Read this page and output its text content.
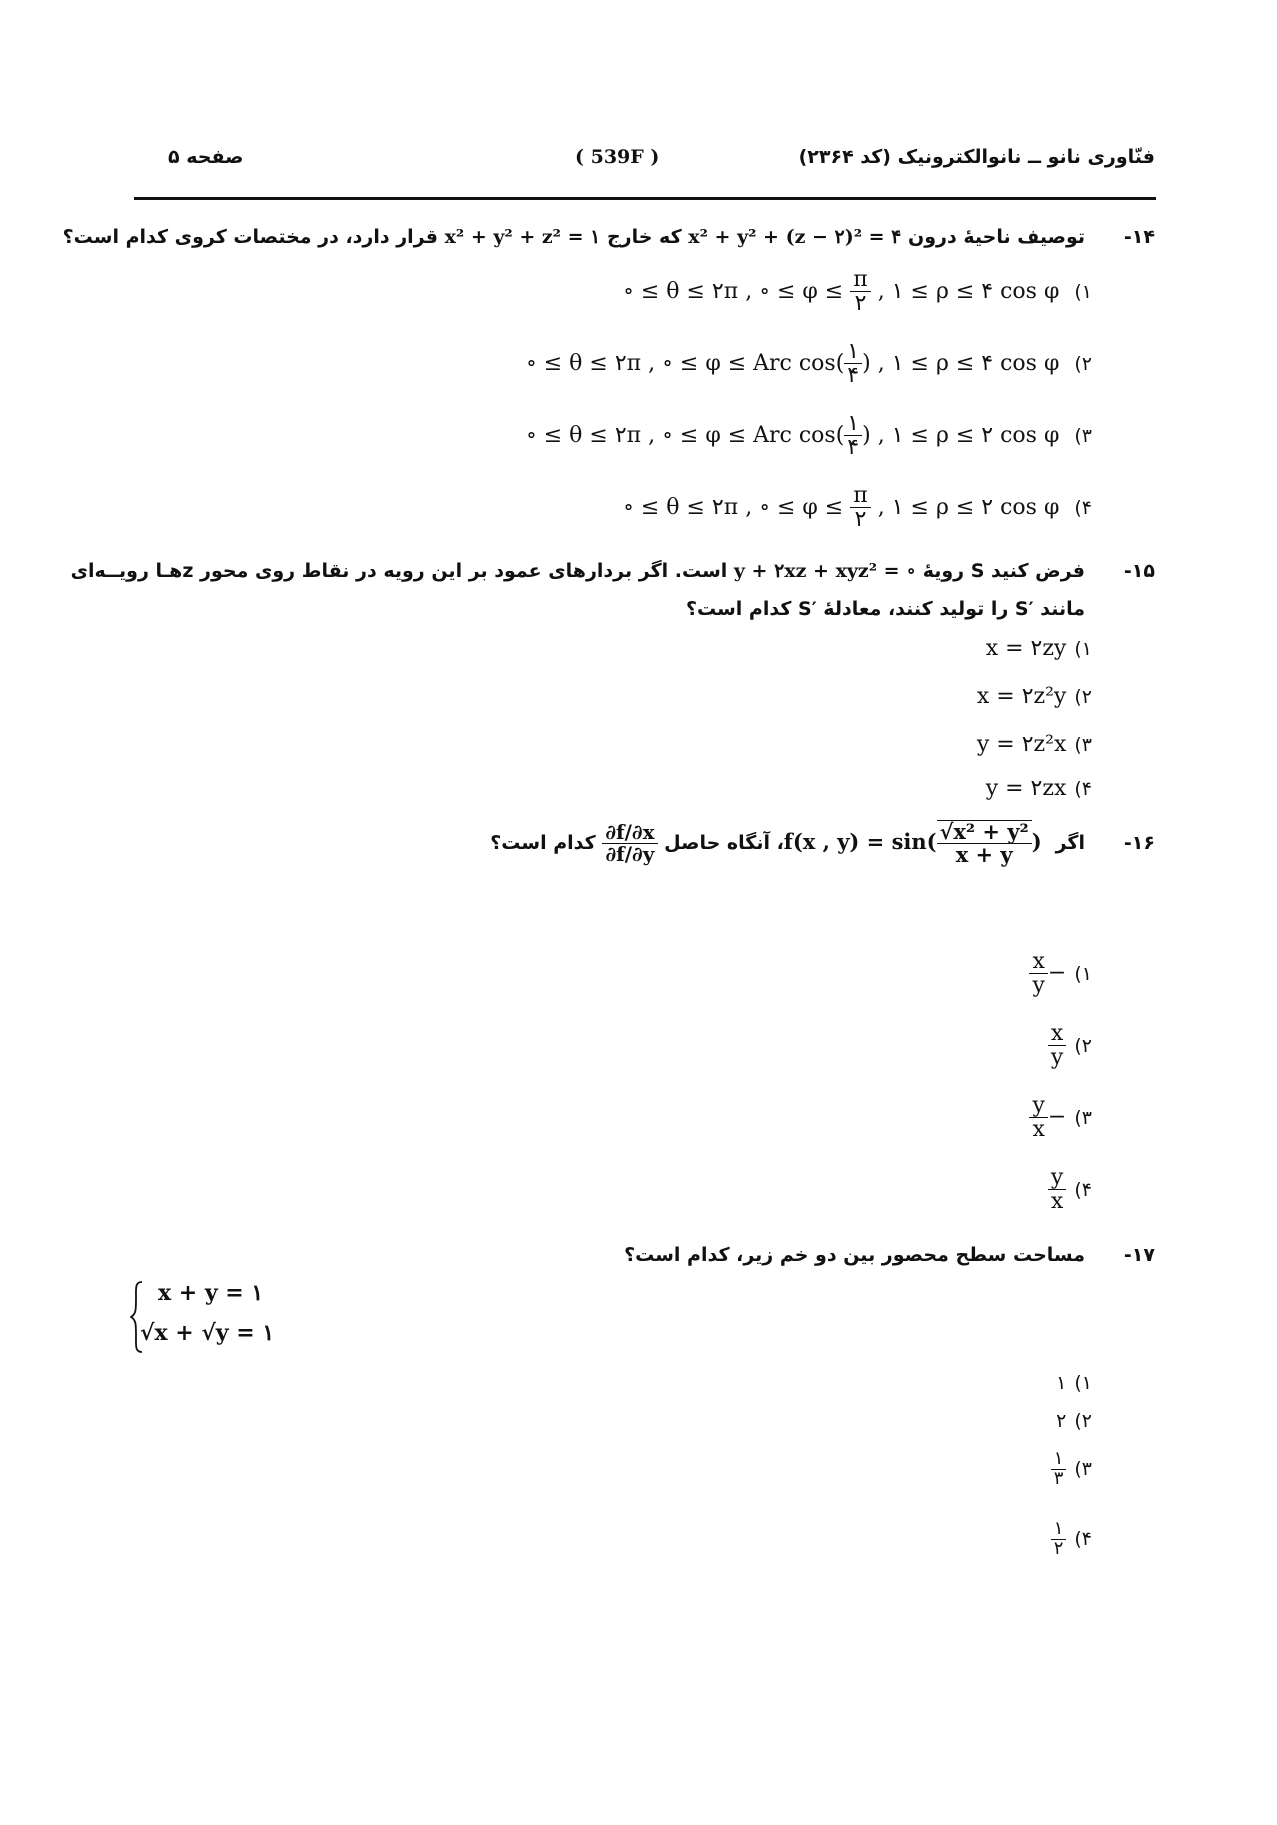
صفحه ۵	( 539F )	فنّاوری نانو ــ نانوالکترونیک (کد ۲۳۶۴)
۱۴-توصیف ناحیهٔ درون x² + y² + (z − ۲)² = ۴ که خارج x² + y² + z² = ۱ قرار دارد، در مختصات کروی کدام است؟
۱) ∘ ≤ θ ≤ ۲π , ∘ ≤ $\varphi \le \frac{\pi}{۲}$ , ۱ ≤ ρ ≤ ۴ cos φ
۲) ∘ ≤ θ ≤ ۲π , ∘ ≤ φ ≤ Arc $\cos( \frac{۱}{۴}$ ) , ۱ ≤ ρ ≤ ۴ cos φ
۳) ∘ ≤ θ ≤ ۲π , ∘ ≤ φ ≤ Arc $\cos( \frac{۱}{۴}$ ) , ۱ ≤ ρ ≤ ۲ cos φ
۴) ∘ ≤ θ ≤ ۲π , ∘ ≤ $\varphi \le \frac{\pi}{۲}$ , ۱ ≤ ρ ≤ ۲ cos φ
۱۵-فرض کنید S رویهٔ y + ۲xz + xyz² = ∘ است. اگر بردارهای عمود بر این رویه در نقاط روی محور zهـا رویــه‌ای
مانند ′S را تولید کنند، معادلهٔ ′S کدام است؟
۱)x = ۲zy
۲)x = ۲z²y
۳)y = ۲z²x
۴)y = ۲zx
۱۶-اگر f(x , $y) = \sin( \frac{\text{√x² + y²}}{x + y}$ ) ، آنگاه حاصل
$\frac{\partial f/\partial x}{\partial f/\partial y}$
کدام است؟
۱)−
$\frac{x}{y}$
۲)
$\frac{x}{y}$
۳)−
$\frac{y}{x}$
۴)
$\frac{y}{x}$
۱۷-مساحت سطح محصور بین دو خم زیر، کدام است؟
x + y = ۱
√x + √y = ۱
۱)۱
۲)۲
۳)
$\frac{۱}{۳}$
۴)
$\frac{۱}{۲}$
